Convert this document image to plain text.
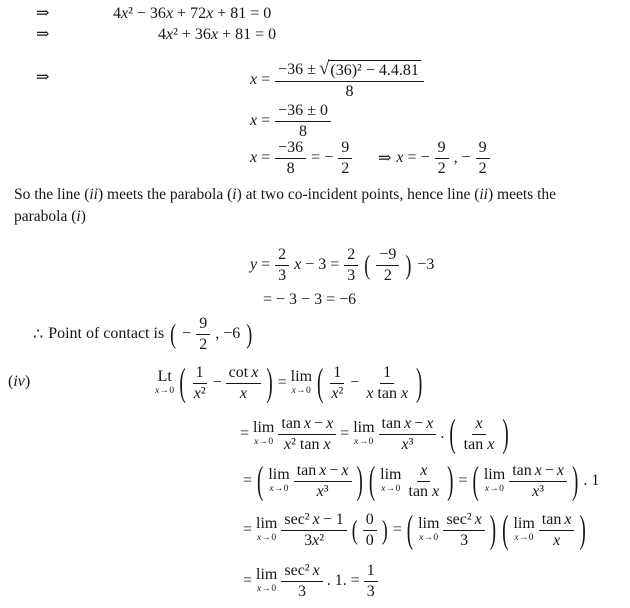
⇒	4x² − 36x + 72x + 81 = 0
⇒	4x² + 36x + 81 = 0
⇒	$x = \frac{\text{−36 ± √ (36)² − 4.4.81}}{8}$
$x = \frac{-36 \pm 0}{8}$
$x = \frac{-36}{8}$ = − $\frac{9}{2}$ ⇒ x = − $\frac{9}{2}$ , − $\frac{9}{2}$
So the line (ii) meets the parabola (i) at two co-incident points, hence line (ii) meets the
parabola (i)
$y = \frac{2}{3}$ $x - 3 = \frac{2}{3}$ ( $\frac{-9}{2}$ ) −3
= − 3 − 3 = −6
∴ Point of contact is ( − $\frac{9}{2}$ , −6 )
(iv)	Lt
x→0 ( $\frac{1}{\text{x²}} - \frac{\text{cot x}}{x}$ ) = lim
x→0 ( $\frac{1}{\text{x²}} - \frac{1}{\text{x tan x}}$ )
= lim
$x\to 0 \frac{\text{tan x − x}}{\text{x² tan x}} = \lim$
$x\to 0 \frac{\text{tan x − x}}{\text{x³}}$ . ( $\frac{x}{\text{tan x}}$ )
= ( lim
$x\to 0 \frac{\text{tan x − x}}{\text{x³}}$ ) ( lim
$x\to 0 \frac{x}{\text{tan x}}$ ) = ( lim
$x\to 0 \frac{\text{tan x − x}}{\text{x³}}$ ) . 1
= lim
$x\to 0 \frac{\text{sec² x − 1}}{\text{3x²}}$ ( $\frac{0}{0}$ ) = ( lim
$x\to 0 \frac{\text{sec² x}}{3}$ ) ( lim
$x\to 0 \frac{\text{tan x}}{x}$ )
= lim
$x\to 0 \frac{\text{sec² x}}{3}$ . 1. = $\frac{1}{3}$
